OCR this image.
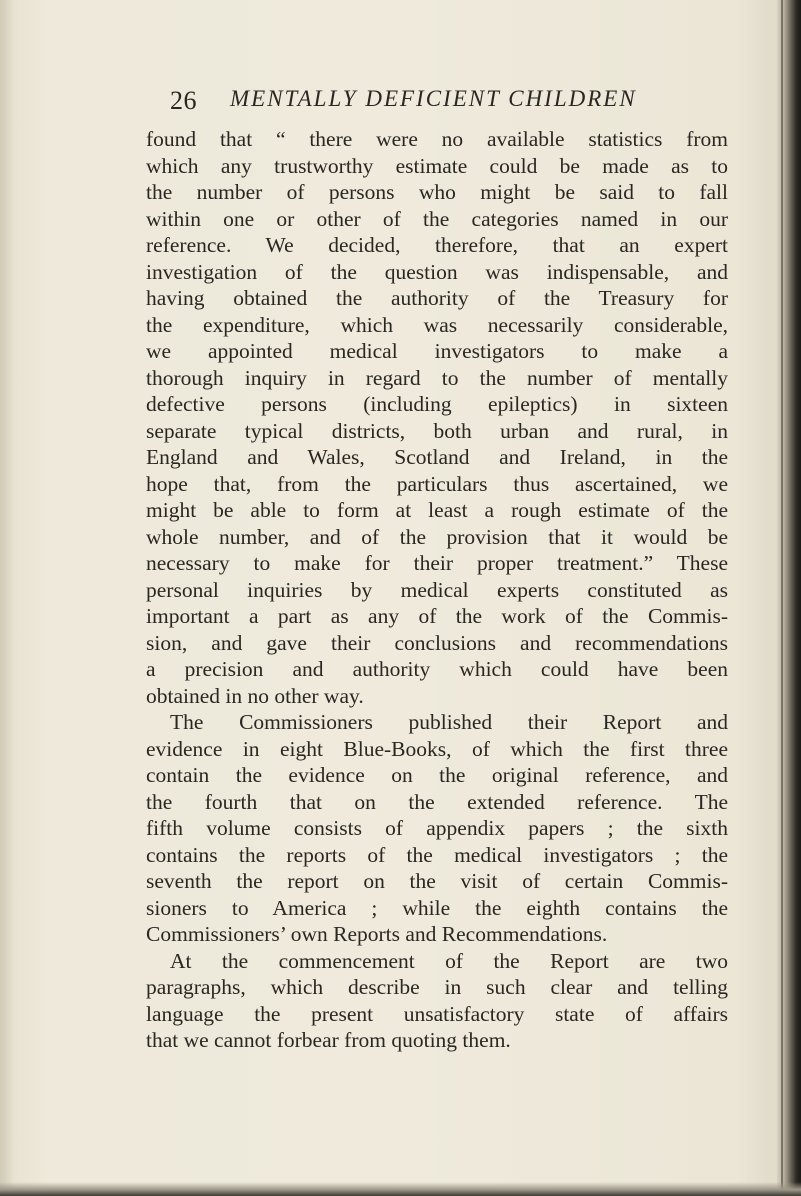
26 MENTALLY DEFICIENT CHILDREN
found that “ there were no available statistics from
which any trustworthy estimate could be made as to
the number of persons who might be said to fall
within one or other of the categories named in our
reference. We decided, therefore, that an expert
investigation of the question was indispensable, and
having obtained the authority of the Treasury for
the expenditure, which was necessarily considerable,
we appointed medical investigators to make a
thorough inquiry in regard to the number of mentally
defective persons (including epileptics) in sixteen
separate typical districts, both urban and rural, in
England and Wales, Scotland and Ireland, in the
hope that, from the particulars thus ascertained, we
might be able to form at least a rough estimate of the
whole number, and of the provision that it would be
necessary to make for their proper treatment.” These
personal inquiries by medical experts constituted as
important a part as any of the work of the Commis-
sion, and gave their conclusions and recommendations
a precision and authority which could have been
obtained in no other way.
The Commissioners published their Report and
evidence in eight Blue-Books, of which the first three
contain the evidence on the original reference, and
the fourth that on the extended reference. The
fifth volume consists of appendix papers ; the sixth
contains the reports of the medical investigators ; the
seventh the report on the visit of certain Commis-
sioners to America ; while the eighth contains the
Commissioners’ own Reports and Recommendations.
At the commencement of the Report are two
paragraphs, which describe in such clear and telling
language the present unsatisfactory state of affairs
that we cannot forbear from quoting them.
